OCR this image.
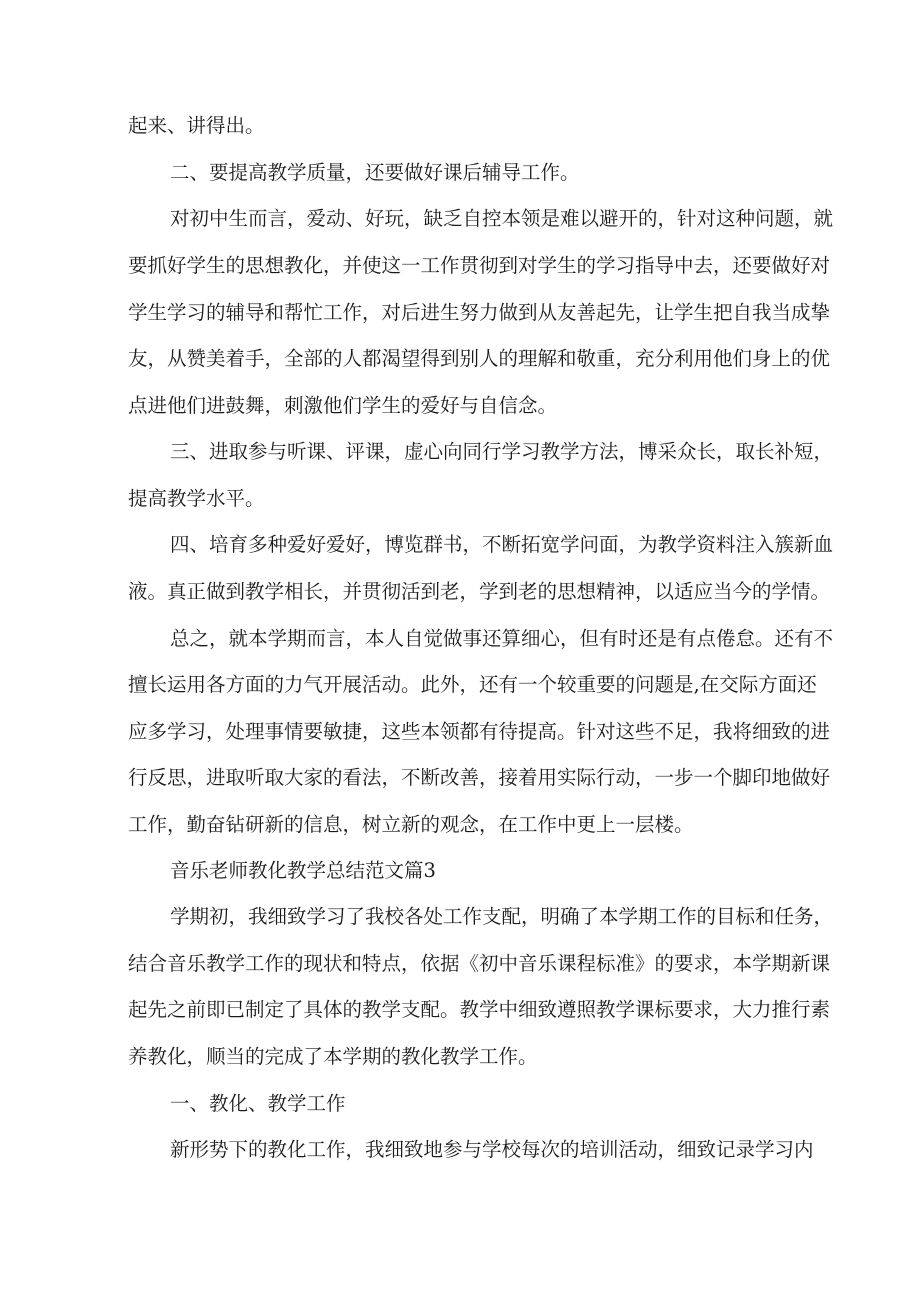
起来、讲得出。

二、要提高教学质量，还要做好课后辅导工作。

对初中生而言，爱动、好玩，缺乏自控本领是难以避开的，针对这种问题，就

要抓好学生的思想教化，并使这一工作贯彻到对学生的学习指导中去，还要做好对

学生学习的辅导和帮忙工作，对后进生努力做到从友善起先，让学生把自我当成挚

友，从赞美着手，全部的人都渴望得到别人的理解和敬重，充分利用他们身上的优

点进他们进鼓舞，刺激他们学生的爱好与自信念。

三、进取参与听课、评课，虚心向同行学习教学方法，博采众长，取长补短，

提高教学水平。

四、培育多种爱好爱好，博览群书，不断拓宽学问面，为教学资料注入簇新血

液。真正做到教学相长，并贯彻活到老，学到老的思想精神，以适应当今的学情。

总之，就本学期而言，本人自觉做事还算细心，但有时还是有点倦怠。还有不

擅长运用各方面的力气开展活动。此外，还有一个较重要的问题是,在交际方面还

应多学习，处理事情要敏捷，这些本领都有待提高。针对这些不足，我将细致的进

行反思，进取听取大家的看法，不断改善，接着用实际行动，一步一个脚印地做好

工作，勤奋钻研新的信息，树立新的观念，在工作中更上一层楼。

音乐老师教化教学总结范文篇3

学期初，我细致学习了我校各处工作支配，明确了本学期工作的目标和任务，

结合音乐教学工作的现状和特点，依据《初中音乐课程标准》的要求，本学期新课

起先之前即已制定了具体的教学支配。教学中细致遵照教学课标要求，大力推行素

养教化，顺当的完成了本学期的教化教学工作。

一、教化、教学工作

新形势下的教化工作，我细致地参与学校每次的培训活动，细致记录学习内
